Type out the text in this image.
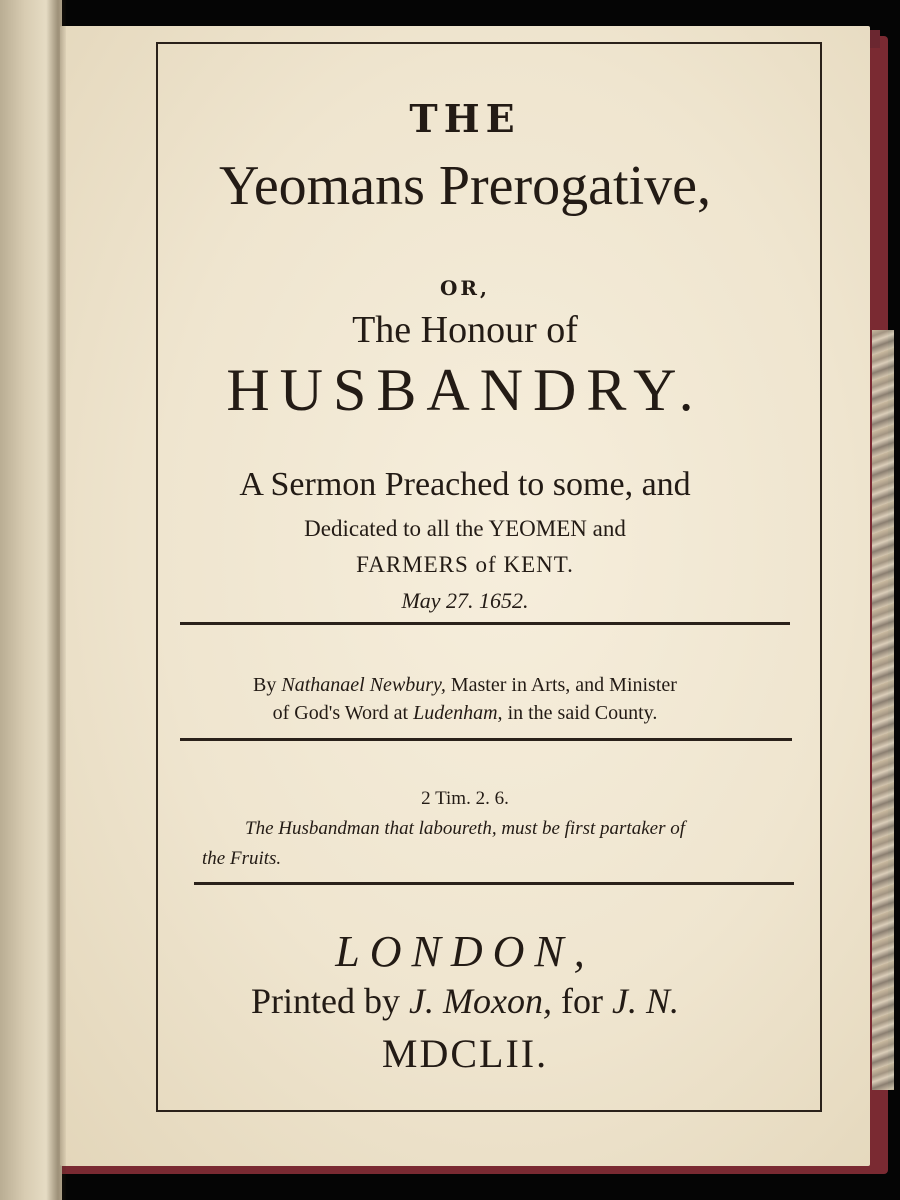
THE
Yeomans Prerogative,
OR,
The Honour of
HUSBANDRY.
A Sermon Preached to some, and
Dedicated to all the YEOMEN and
FARMERS of KENT.
May 27. 1652.
By Nathanael Newbury, Master in Arts, and Minister
of God's Word at Ludenham, in the said County.
2 Tim. 2. 6.
The Husbandman that laboureth, must be first partaker of
the Fruits.
LONDON,
Printed by J. Moxon, for J. N.
MDCLII.
